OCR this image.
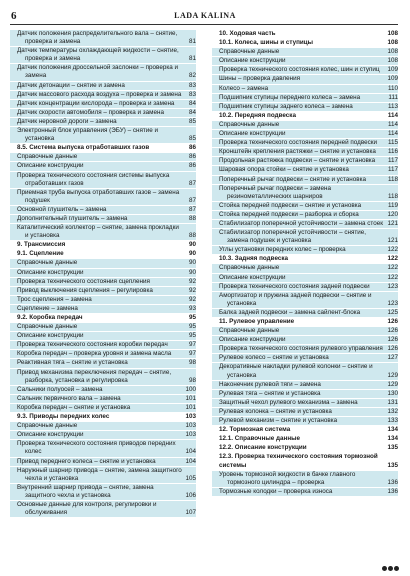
6	LADA KALINA
Датчик положения распределительного вала – снятие, проверка и замена	81
Датчик температуры охлаждающей жидкости – снятие, проверка и замена	81
Датчик положения дроссельной заслонки – проверка и замена	82
Датчик детонации – снятие и замена	83
Датчик массового расхода воздуха – проверка и замена	83
Датчик концентрации кислорода – проверка и замена	84
Датчик скорости автомобиля – проверка и замена	84
Датчик неровной дороги – замена	85
Электронный блок управления (ЭБУ) – снятие и установка	85
8.5. Система выпуска отработавших газов	86
Справочные данные	86
Описание конструкции	86
Проверка технического состояния системы выпуска отработавших газов	87
Приемная труба выпуска отработавших газов – замена подушек	87
Основной глушитель – замена	87
Дополнительный глушитель – замена	88
Каталитический коллектор – снятие, замена прокладки и установка	88
9. Трансмиссия	90
9.1. Сцепление	90
Справочные данные	90
Описание конструкции	90
Проверка технического состояния сцепления	92
Привод выключения сцепления – регулировка	92
Трос сцепления – замена	92
Сцепление – замена	93
9.2. Коробка передач	95
Справочные данные	95
Описание конструкции	95
Проверка технического состояния коробки передач	97
Коробка передач – проверка уровня и замена масла	97
Реактивная тяга – снятие и установка	98
Привод механизма переключения передач – снятие, разборка, установка и регулировка	98
Сальники полуосей – замена	100
Сальник первичного вала – замена	101
Коробка передач – снятие и установка	101
9.3. Приводы передних колес	103
Справочные данные	103
Описание конструкции	103
Проверка технического состояния приводов передних колес	104
Привод переднего колеса – снятие и установка	104
Наружный шарнир привода – снятие, замена защитного чехла и установка	105
Внутренний шарнир привода – снятие, замена защитного чехла и установка	106
Основные данные для контроля, регулировки и обслуживания	107
10. Ходовая часть	108
10.1. Колеса, шины и ступицы	108
Справочные данные	108
Описание конструкции	108
Проверка технического состояния колес, шин и ступиц	109
Шины – проверка давления	109
Колесо – замена	110
Подшипник ступицы переднего колеса – замена	111
Подшипник ступицы заднего колеса – замена	113
10.2. Передняя подвеска	114
Справочные данные	114
Описание конструкции	114
Проверка технического состояния передней подвески	115
Кронштейн крепления растяжки – снятие и установка	116
Продольная растяжка подвески – снятие и установка	117
Шаровая опора стойки – снятие и установка	117
Поперечный рычаг подвески – снятие и установка	118
Поперечный рычаг подвески – замена резинометаллических шарниров	118
Стойка передней подвески – снятие и установка	119
Стойка передней подвески – разборка и сборка	120
Стабилизатор поперечной устойчивости – замена стоек 121
Стабилизатор поперечной устойчивости – снятие, замена подушек и установка	121
Углы установки передних колес – проверка	122
10.3. Задняя подвеска	122
Справочные данные	122
Описание конструкции	122
Проверка технического состояния задней подвески	123
Амортизатор и пружина задней подвески – снятие и установка	123
Балка задней подвески – замена сайлент-блока	125
11. Рулевое управление	126
Справочные данные	126
Описание конструкции	126
Проверка технического состояния рулевого управления 126
Рулевое колесо – снятие и установка	127
Декоративные накладки рулевой колонки – снятие и установка	129
Наконечник рулевой тяги – замена	129
Рулевая тяга – снятие и установка	130
Защитный чехол рулевого механизма – замена	131
Рулевая колонка – снятие и установка	132
Рулевой механизм – снятие и установка	133
12. Тормозная система	134
12.1. Справочные данные	134
12.2. Описание конструкции	135
12.3. Проверка технического состояния тормозной системы	135
Уровень тормозной жидкости в бачке главного тормозного цилиндра – проверка	136
Тормозные колодки – проверка износа	136
